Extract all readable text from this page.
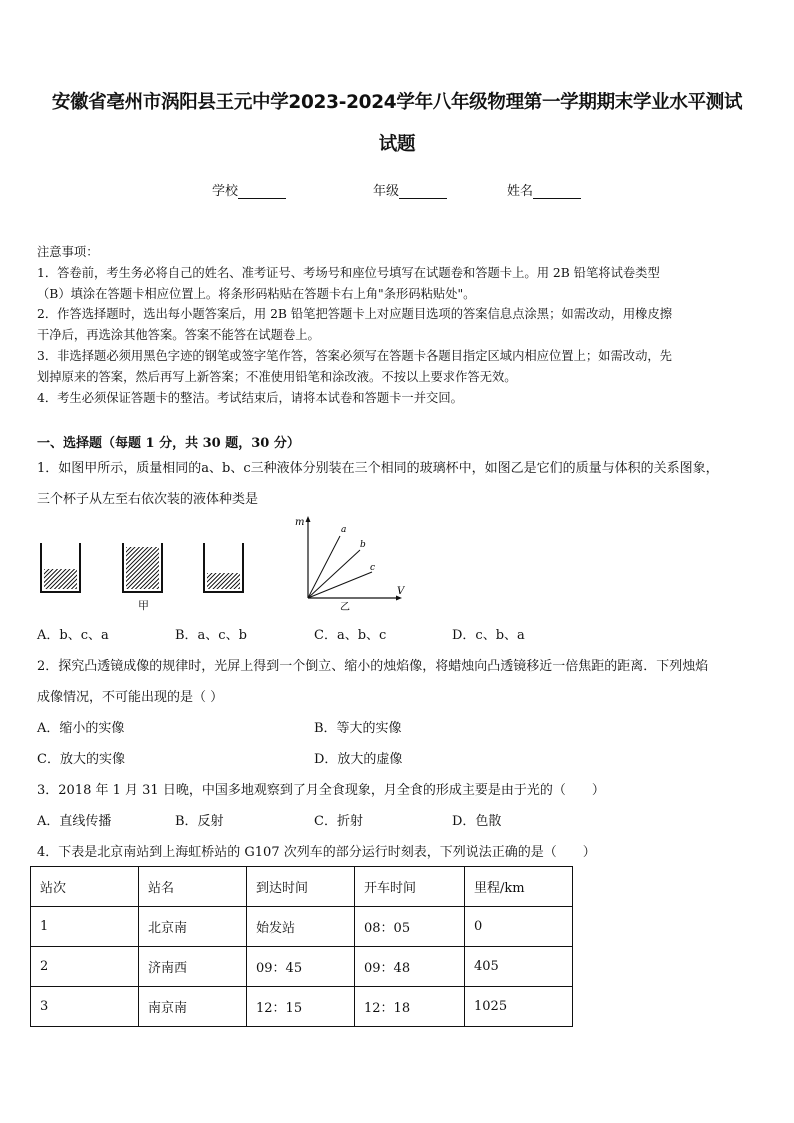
安徽省亳州市涡阳县王元中学2023-2024学年八年级物理第一学期期末学业水平测试
试题
学校	年级	姓名
注意事项：
1．答卷前，考生务必将自己的姓名、准考证号、考场号和座位号填写在试题卷和答题卡上。用 2B 铅笔将试卷类型
（B）填涂在答题卡相应位置上。将条形码粘贴在答题卡右上角"条形码粘贴处"。
2．作答选择题时，选出每小题答案后，用 2B 铅笔把答题卡上对应题目选项的答案信息点涂黑；如需改动，用橡皮擦
干净后，再选涂其他答案。答案不能答在试题卷上。
3．非选择题必须用黑色字迹的钢笔或签字笔作答，答案必须写在答题卡各题目指定区域内相应位置上；如需改动，先
划掉原来的答案，然后再写上新答案；不准使用铅笔和涂改液。不按以上要求作答无效。
4．考生必须保证答题卡的整洁。考试结束后，请将本试卷和答题卡一并交回。
一、选择题（每题 1 分，共 30 题，30 分）
1．如图甲所示，质量相同的a、b、c三种液体分别装在三个相同的玻璃杯中，如图乙是它们的质量与体积的关系图象，
三个杯子从左至右依次装的液体种类是
甲
m
V
a
b
c
乙
A．b、c、a	B．a、c、b	C．a、b、c	D．c、b、a
2．探究凸透镜成像的规律时，光屏上得到一个倒立、缩小的烛焰像，将蜡烛向凸透镜移近一倍焦距的距离．下列烛焰
成像情况，不可能出现的是（ ）
A．缩小的实像	B．等大的实像
C．放大的实像	D．放大的虚像
3．2018 年 1 月 31 日晚，中国多地观察到了月全食现象，月全食的形成主要是由于光的（　　）
A．直线传播	B．反射	C．折射	D．色散
4．下表是北京南站到上海虹桥站的 G107 次列车的部分运行时刻表，下列说法正确的是（　　）
站次	站名	到达时间	开车时间	里程/km
1	北京南	始发站	08：05	0
2	济南西	09：45	09：48	405
3	南京南	12：15	12：18	1025
